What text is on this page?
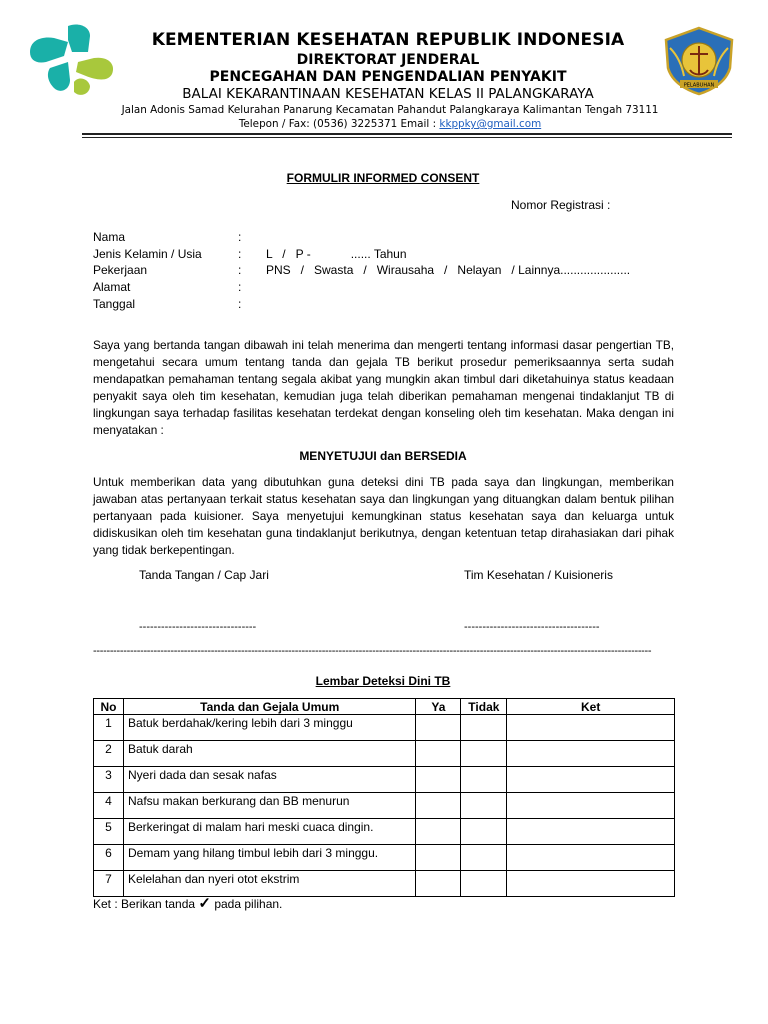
KEMENTERIAN KESEHATAN REPUBLIK INDONESIA
DIREKTORAT JENDERAL
PENCEGAHAN DAN PENGENDALIAN PENYAKIT
BALAI KEKARANTINAAN KESEHATAN KELAS II PALANGKARAYA
PELABUHAN
Jalan Adonis Samad Kelurahan Panarung Kecamatan Pahandut Palangkaraya Kalimantan Tengah 73111
Telepon / Fax: (0536) 3225371 Email : kkppky@gmail.com
FORMULIR INFORMED CONSENT
Nomor Registrasi :
Nama	:
Jenis Kelamin / Usia	: L   /   P -            ...... Tahun
Pekerjaan	: PNS   /   Swasta   /   Wirausaha   /   Nelayan   / Lainnya.....................
Alamat	:
Tanggal	:
Saya yang bertanda tangan dibawah ini telah menerima dan mengerti tentang informasi dasar pengertian TB, mengetahui secara umum tentang tanda dan gejala TB berikut prosedur pemeriksaannya serta sudah mendapatkan pemahaman tentang segala akibat yang mungkin akan timbul dari diketahuinya status keadaan penyakit saya oleh tim kesehatan, kemudian juga telah diberikan pemahaman mengenai tindaklanjut TB di lingkungan saya terhadap fasilitas kesehatan terdekat dengan konseling oleh tim kesehatan. Maka dengan ini menyatakan :
MENYETUJUI dan BERSEDIA
Untuk memberikan data yang dibutuhkan guna deteksi dini TB pada saya dan lingkungan, memberikan jawaban atas pertanyaan terkait status kesehatan saya dan lingkungan yang dituangkan dalam bentuk pilihan pertanyaan pada kuisioner. Saya menyetujui kemungkinan status kesehatan saya dan keluarga untuk didiskusikan oleh tim kesehatan guna tindaklanjut berikutnya, dengan ketentuan tetap dirahasiakan dari pihak yang tidak berkepentingan.
Tanda Tangan / Cap Jari	Tim Kesehatan / Kuisioneris
--------------------------------	-------------------------------------
----------------------------------------------------------------------------------------------------------------------------------------------------------------------
Lembar Deteksi Dini TB
No	Tanda dan Gejala Umum	Ya	Tidak	Ket
1	Batuk berdahak/kering lebih dari 3 minggu			
2	Batuk darah			
3	Nyeri dada dan sesak nafas			
4	Nafsu makan berkurang dan BB menurun			
5	Berkeringat di malam hari meski cuaca dingin.			
6	Demam yang hilang timbul lebih dari 3 minggu.			
7	Kelelahan dan nyeri otot ekstrim			
Ket : Berikan tanda ✓ pada pilihan.
